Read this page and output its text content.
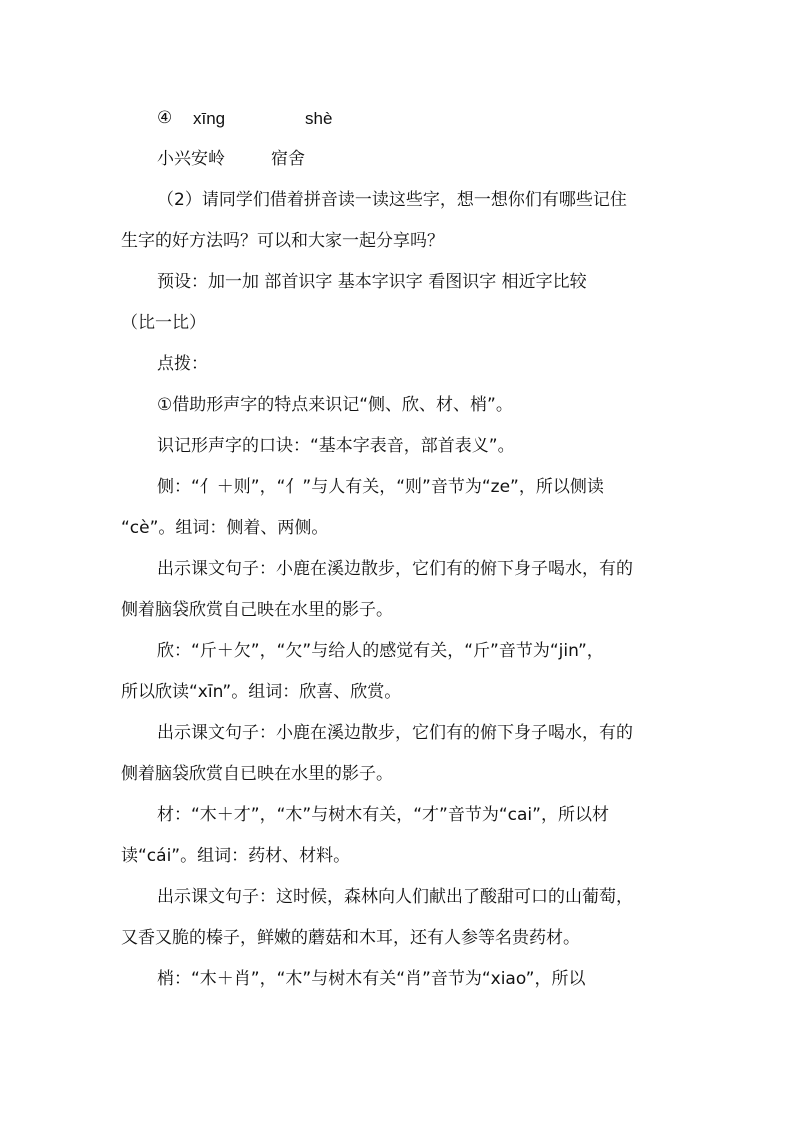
④ xīng	shè
小兴安岭	宿舍

（2）请同学们借着拼音读一读这些字，想一想你们有哪些记住

生字的好方法吗？可以和大家一起分享吗？

预设：加一加 部首识字 基本字识字 看图识字 相近字比较

（比一比）

点拨：

①借助形声字的特点来识记“侧、欣、材、梢”。

识记形声字的口诀：“基本字表音，部首表义”。

侧：“亻＋则”，“亻”与人有关，“则”音节为“ze”，所以侧读

“cè”。组词：侧着、两侧。

出示课文句子：小鹿在溪边散步，它们有的俯下身子喝水，有的

侧着脑袋欣赏自己映在水里的影子。

欣：“斤＋欠”，“欠”与给人的感觉有关，“斤”音节为“jin”，

所以欣读“xīn”。组词：欣喜、欣赏。

出示课文句子：小鹿在溪边散步，它们有的俯下身子喝水，有的

侧着脑袋欣赏自已映在水里的影子。

材：“木＋才”，“木”与树木有关，“才”音节为“cai”，所以材

读“cái”。组词：药材、材料。

出示课文句子：这时候，森林向人们献出了酸甜可口的山葡萄，

又香又脆的榛子，鲜嫩的蘑菇和木耳，还有人参等名贵药材。

梢：“木＋肖”，“木”与树木有关“肖”音节为“xiao”，所以
